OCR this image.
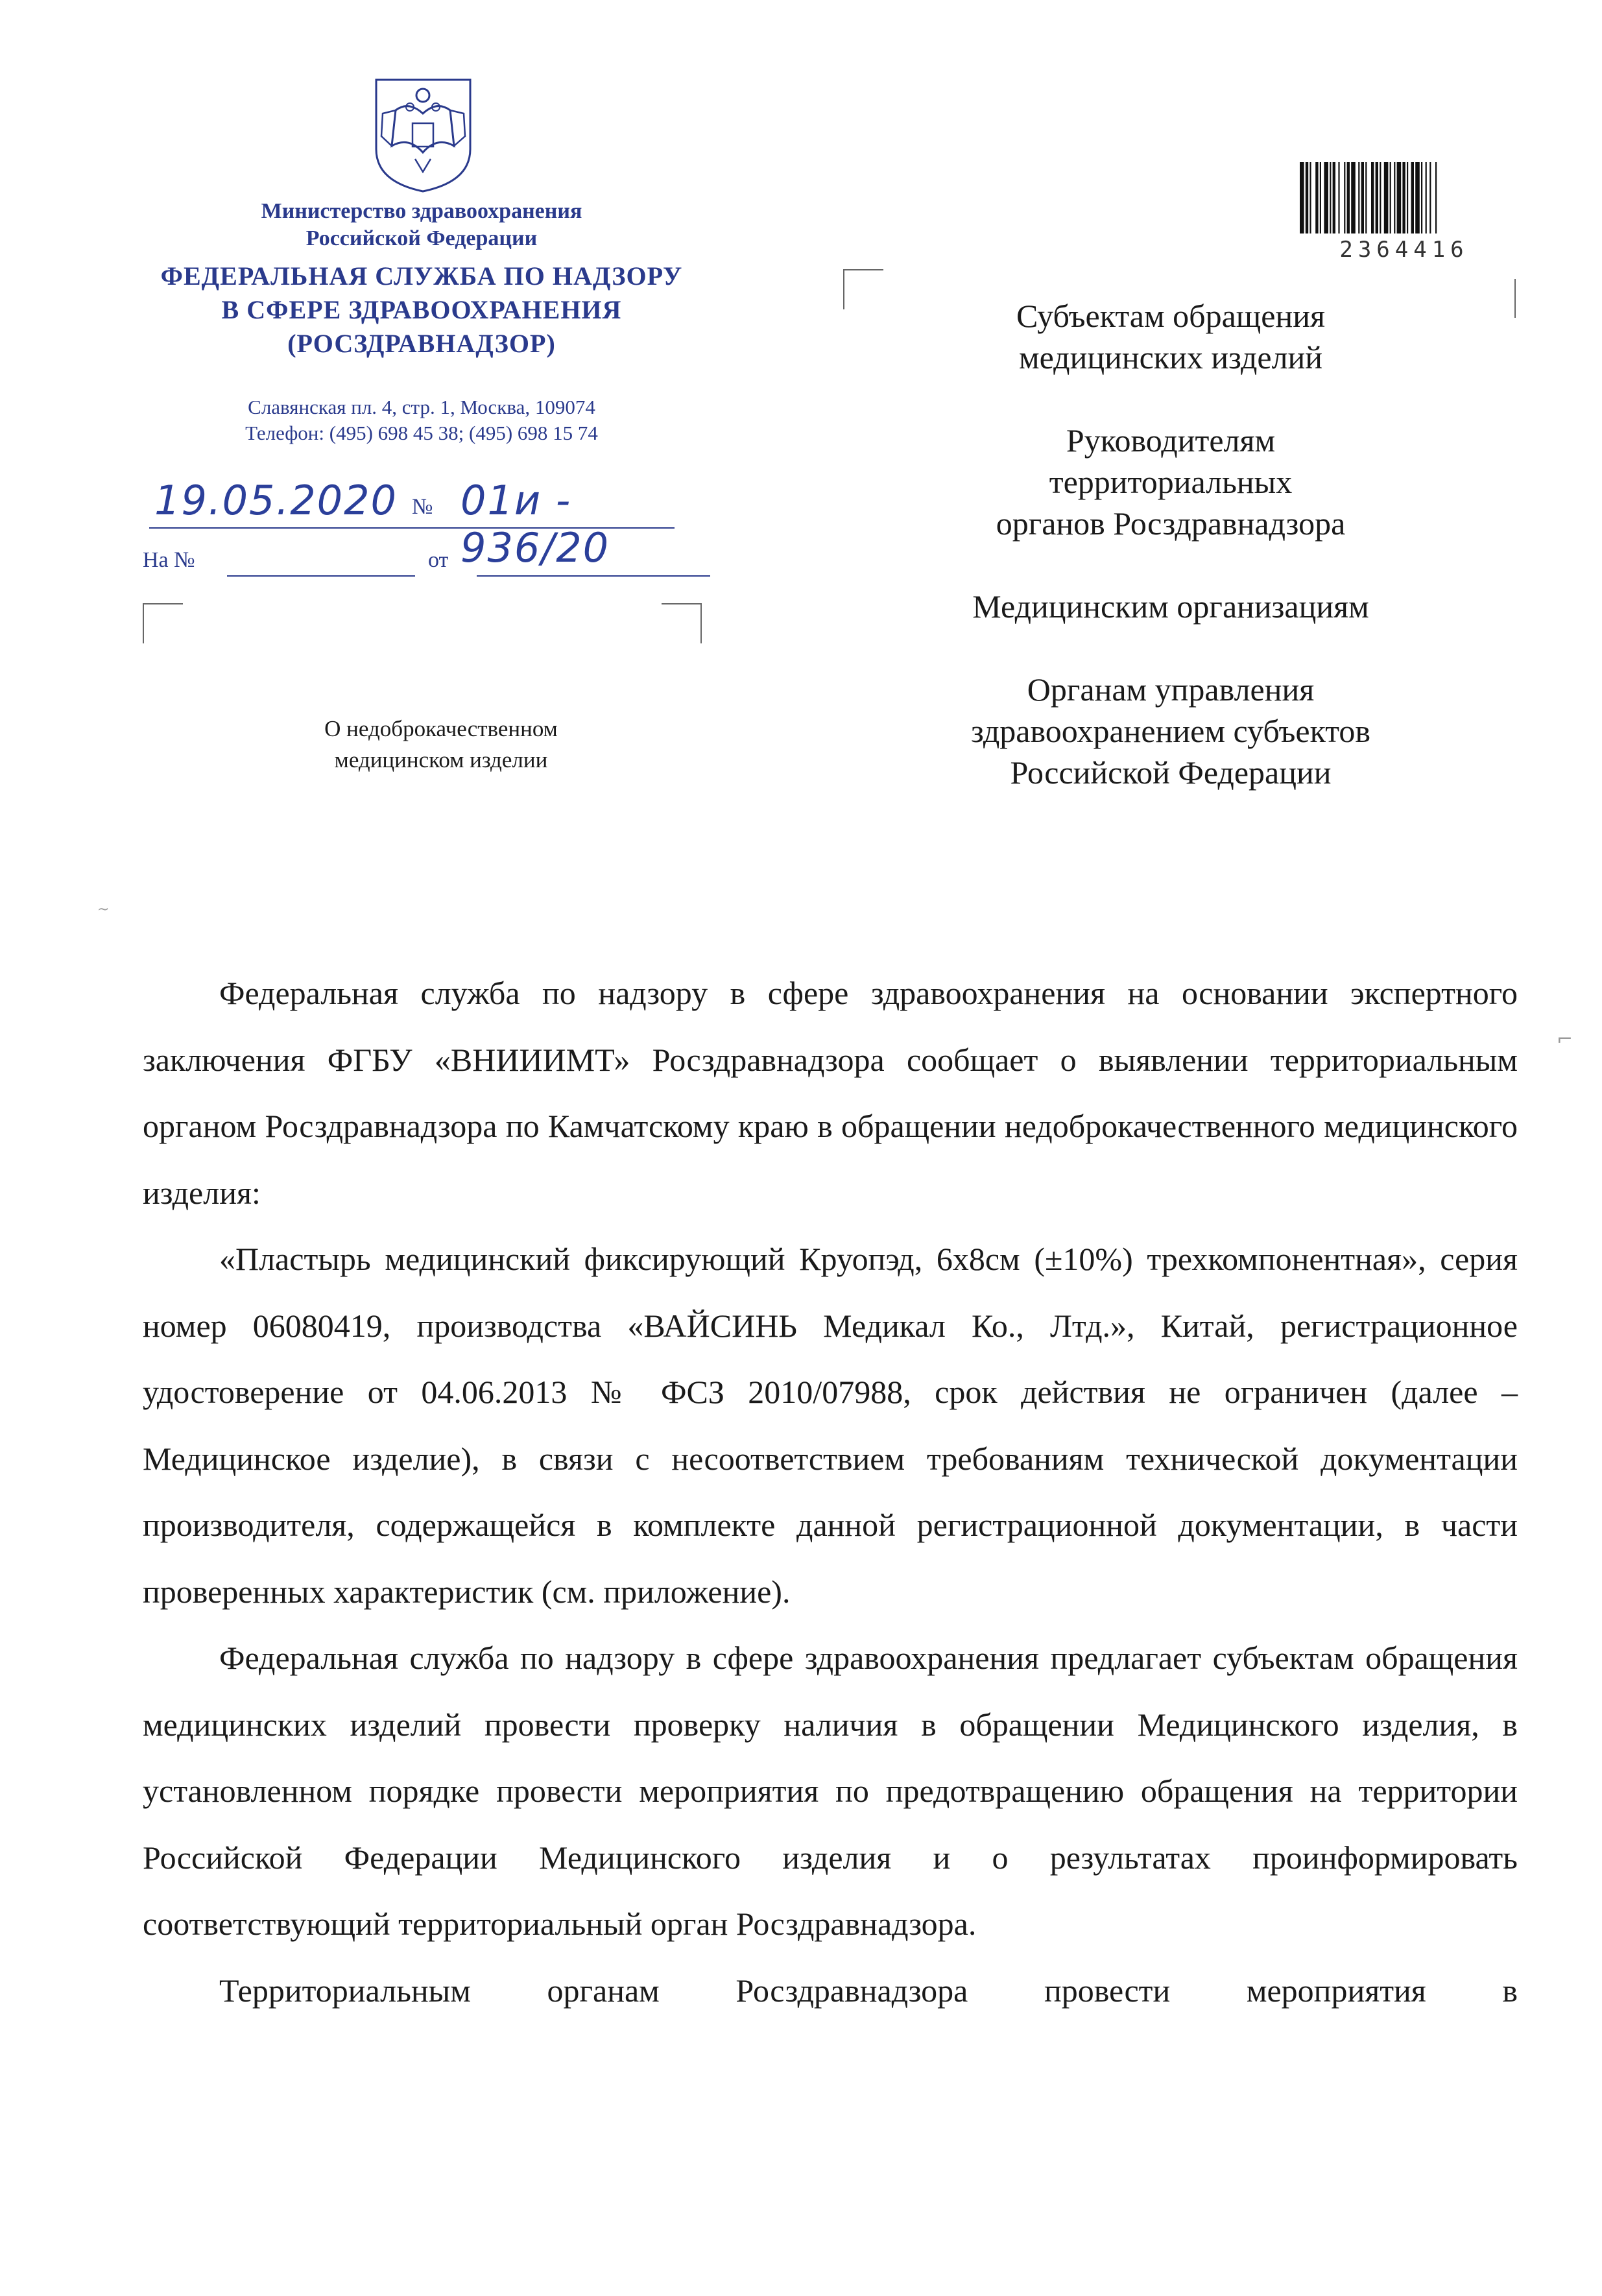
Министерство здравоохранения
Российской Федерации
ФЕДЕРАЛЬНАЯ СЛУЖБА ПО НАДЗОРУ
В СФЕРЕ ЗДРАВООХРАНЕНИЯ
(РОСЗДРАВНАДЗОР)
Славянская пл. 4, стр. 1, Москва, 109074
Телефон: (495) 698 45 38; (495) 698 15 74
19.05.2020 № 01и - 936/20
На №	от
О недоброкачественном
медицинском изделии
2364416
Субъектам обращения
медицинских изделий
Руководителям
территориальных
органов Росздравнадзора
Медицинским организациям
Органам управления
здравоохранением субъектов
Российской Федерации

Федеральная служба по надзору в сфере здравоохранения на основании экспертного заключения ФГБУ «ВНИИИМТ» Росздравнадзора сообщает о выявлении территориальным органом Росздравнадзора по Камчатскому краю в обращении недоброкачественного медицинского изделия:

«Пластырь медицинский фиксирующий Круопэд, 6х8см (±10%) трехкомпонентная», серия номер 06080419, производства «ВАЙСИНЬ Медикал Ко., Лтд.», Китай, регистрационное удостоверение от 04.06.2013 № ФСЗ 2010/07988, срок действия не ограничен (далее – Медицинское изделие), в связи с несоответствием требованиям технической документации производителя, содержащейся в комплекте данной регистрационной документации, в части проверенных характеристик (см. приложение).

Федеральная служба по надзору в сфере здравоохранения предлагает субъектам обращения медицинских изделий провести проверку наличия в обращении Медицинского изделия, в установленном порядке провести мероприятия по предотвращению обращения на территории Российской Федерации Медицинского изделия и о результатах проинформировать соответствующий территориальный орган Росздравнадзора.

Территориальным органам Росздравнадзора провести мероприятия в

~
⌐
